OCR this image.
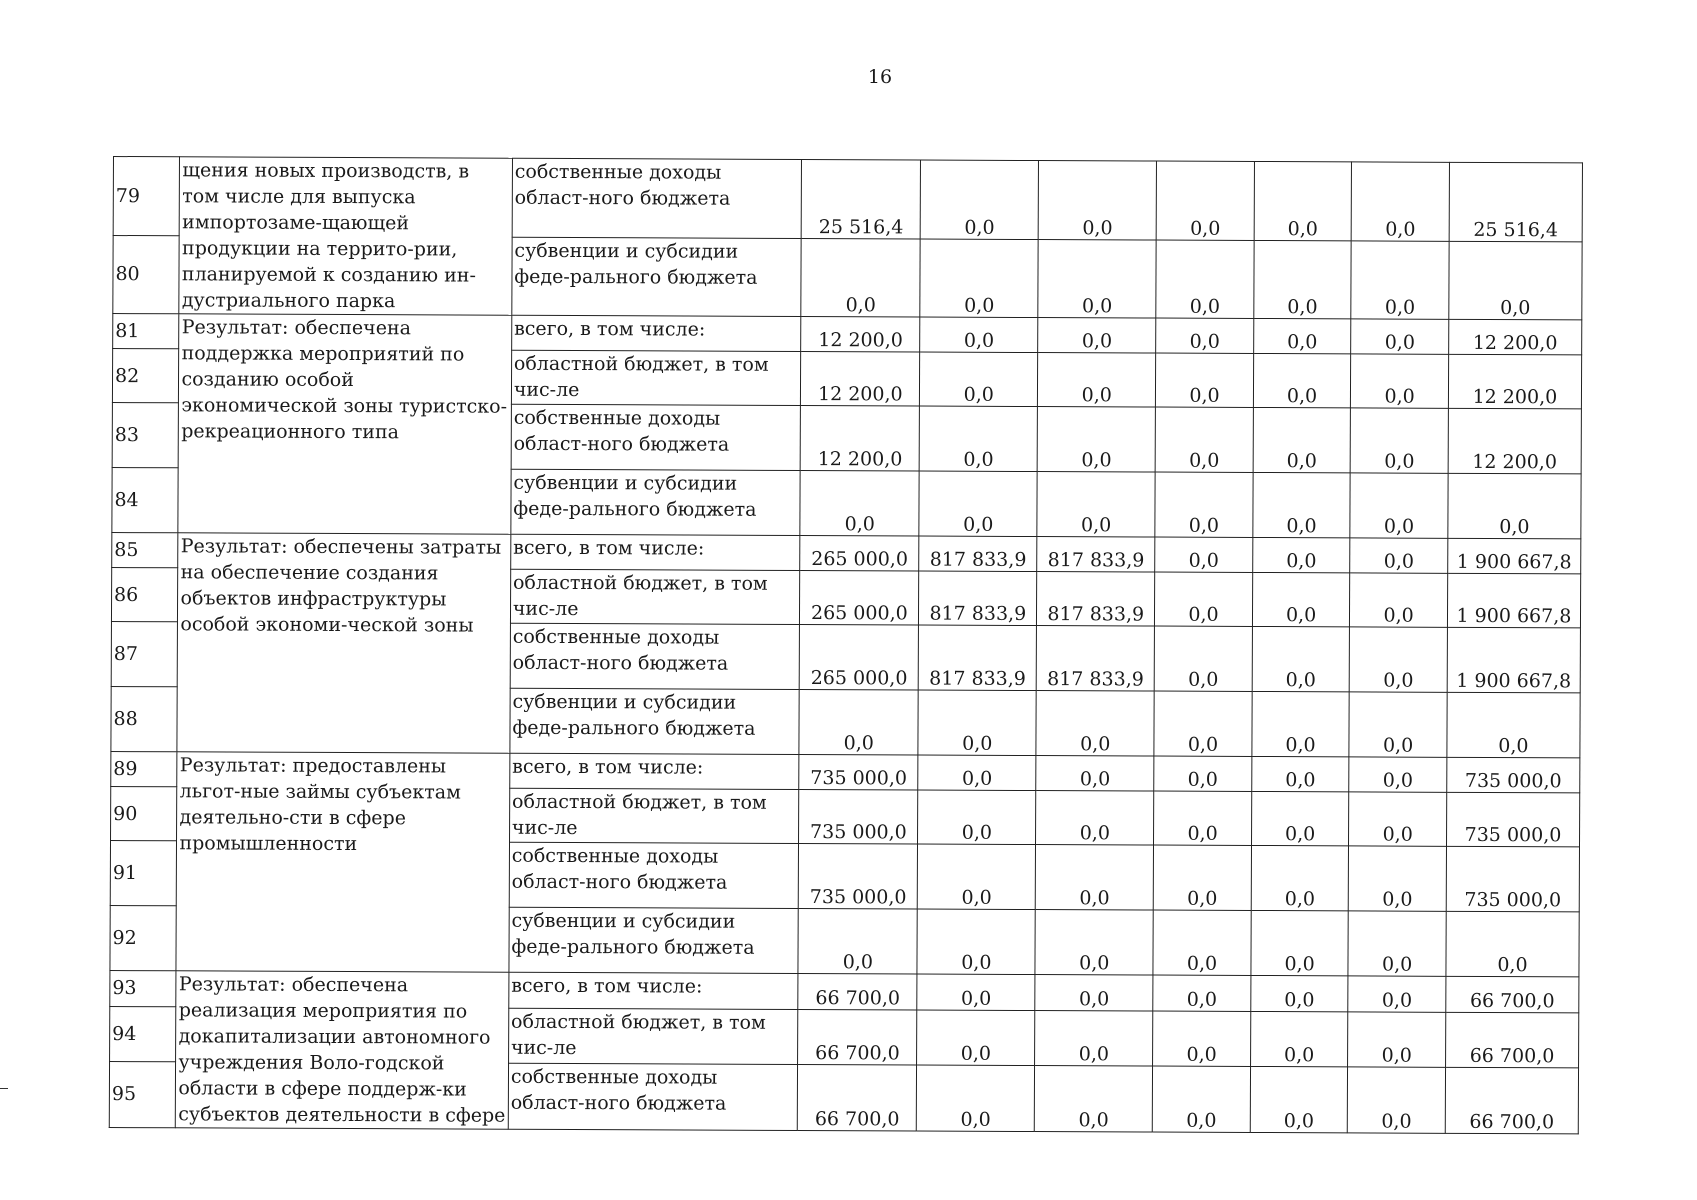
16
79	щения новых производств, в том числе для выпуска импортозаме-щающей продукции на террито-рии, планируемой к созданию ин-дустриального парка	собственные доходы област-ного бюджета	25 516,4	0,0	0,0	0,0	0,0	0,0	25 516,4
80		субвенции и субсидии феде-рального бюджета	0,0	0,0	0,0	0,0	0,0	0,0	0,0
81	Результат: обеспечена поддержка мероприятий по созданию особой экономической зоны туристско-рекреационного типа	всего, в том числе:	12 200,0	0,0	0,0	0,0	0,0	0,0	12 200,0
82		областной бюджет, в том чис-ле	12 200,0	0,0	0,0	0,0	0,0	0,0	12 200,0
83		собственные доходы област-ного бюджета	12 200,0	0,0	0,0	0,0	0,0	0,0	12 200,0
84		субвенции и субсидии феде-рального бюджета	0,0	0,0	0,0	0,0	0,0	0,0	0,0
85	Результат: обеспечены затраты на обеспечение создания объектов инфраструктуры особой экономи-ческой зоны	всего, в том числе:	265 000,0	817 833,9	817 833,9	0,0	0,0	0,0	1 900 667,8
86		областной бюджет, в том чис-ле	265 000,0	817 833,9	817 833,9	0,0	0,0	0,0	1 900 667,8
87		собственные доходы област-ного бюджета	265 000,0	817 833,9	817 833,9	0,0	0,0	0,0	1 900 667,8
88		субвенции и субсидии феде-рального бюджета	0,0	0,0	0,0	0,0	0,0	0,0	0,0
89	Результат: предоставлены льгот-ные займы субъектам деятельно-сти в сфере промышленности	всего, в том числе:	735 000,0	0,0	0,0	0,0	0,0	0,0	735 000,0
90		областной бюджет, в том чис-ле	735 000,0	0,0	0,0	0,0	0,0	0,0	735 000,0
91		собственные доходы област-ного бюджета	735 000,0	0,0	0,0	0,0	0,0	0,0	735 000,0
92		субвенции и субсидии феде-рального бюджета	0,0	0,0	0,0	0,0	0,0	0,0	0,0
93	Результат: обеспечена реализация мероприятия по докапитализации автономного учреждения Воло-годской области в сфере поддерж-ки субъектов деятельности в сфере	всего, в том числе:	66 700,0	0,0	0,0	0,0	0,0	0,0	66 700,0
94		областной бюджет, в том чис-ле	66 700,0	0,0	0,0	0,0	0,0	0,0	66 700,0
95		собственные доходы област-ного бюджета	66 700,0	0,0	0,0	0,0	0,0	0,0	66 700,0
